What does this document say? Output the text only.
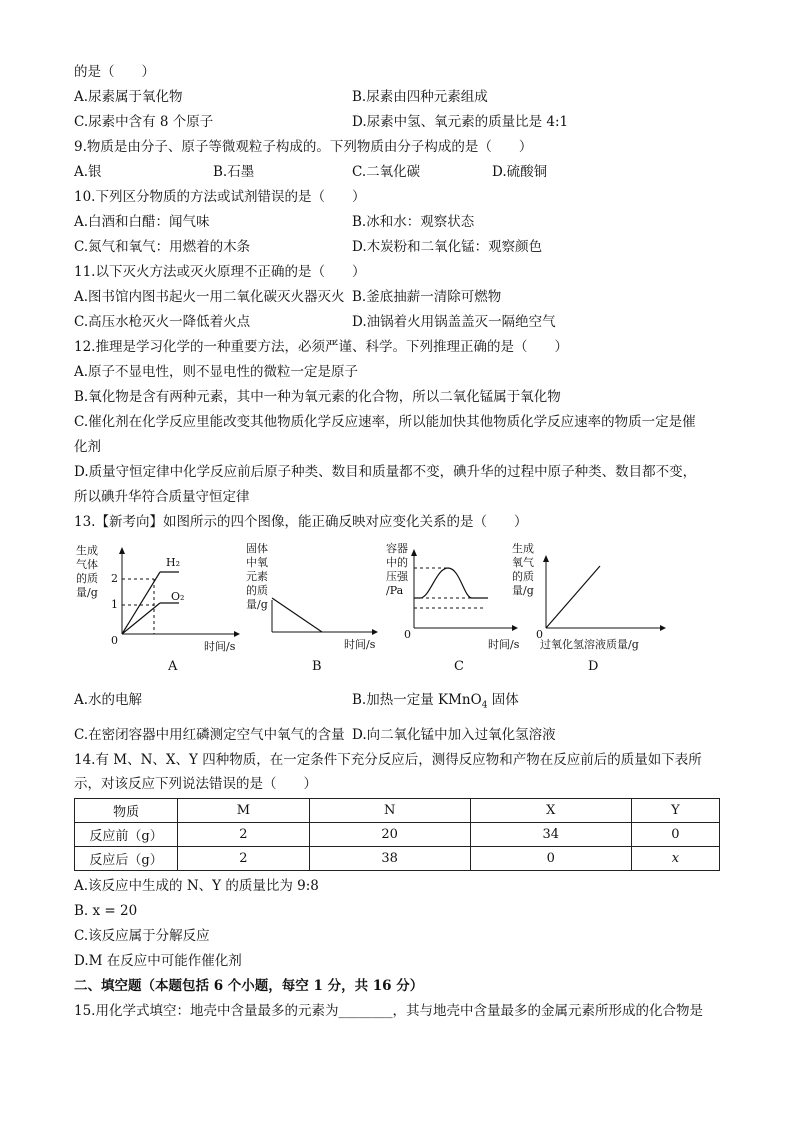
的是（　　）
A.尿素属于氧化物	B.尿素由四种元素组成
C.尿素中含有 8 个原子	D.尿素中氢、氧元素的质量比是 4:1
9.物质是由分子、原子等微观粒子构成的。下列物质由分子构成的是（　　）
A.银	B.石墨	C.二氧化碳	D.硫酸铜
10.下列区分物质的方法或试剂错误的是（　　）
A.白酒和白醋：闻气味	B.冰和水：观察状态
C.氮气和氧气：用燃着的木条	D.木炭粉和二氧化锰：观察颜色
11.以下灭火方法或灭火原理不正确的是（　　）
A.图书馆内图书起火一用二氧化碳灭火器灭火 B.釜底抽薪一清除可燃物
C.高压水枪灭火一降低着火点	D.油锅着火用锅盖盖灭一隔绝空气
12.推理是学习化学的一种重要方法，必须严谨、科学。下列推理正确的是（　　）
A.原子不显电性，则不显电性的微粒一定是原子
B.氧化物是含有两种元素，其中一种为氧元素的化合物，所以二氧化锰属于氧化物
C.催化剂在化学反应里能改变其他物质化学反应速率，所以能加快其他物质化学反应速率的物质一定是催
化剂
D.质量守恒定律中化学反应前后原子种类、数目和质量都不变，碘升华的过程中原子种类、数目都不变，
所以碘升华符合质量守恒定律
13.【新考向】如图所示的四个图像，能正确反映对应变化关系的是（　　）
生成
气体
的质
量/g
2
1
0
H₂
O₂
时间/s
A
固体
中氧
元素
的质
量/g
时间/s
B
容器
中的
压强
/Pa
0
时间/s
C
生成
氧气
的质
量/g
0
过氧化氢溶液质量/g
D
A.水的电解	B.加热一定量 KMnO$_4$ 固体
C.在密闭容器中用红磷测定空气中氧气的含量 D.向二氧化锰中加入过氧化氢溶液
14.有 M、N、X、Y 四种物质，在一定条件下充分反应后，测得反应物和产物在反应前后的质量如下表所
示，对该反应下列说法错误的是（　　）
物质	M	N	X	Y
反应前（g）	2	20	34	0
反应后（g）	2	38	0	x
A.该反应中生成的 N、Y 的质量比为 9:8
B. x = 20
C.该反应属于分解反应
D.M 在反应中可能作催化剂
二、填空题（本题包括 6 个小题，每空 1 分，共 16 分）
15.用化学式填空：地壳中含量最多的元素为________，其与地壳中含量最多的金属元素所形成的化合物是
